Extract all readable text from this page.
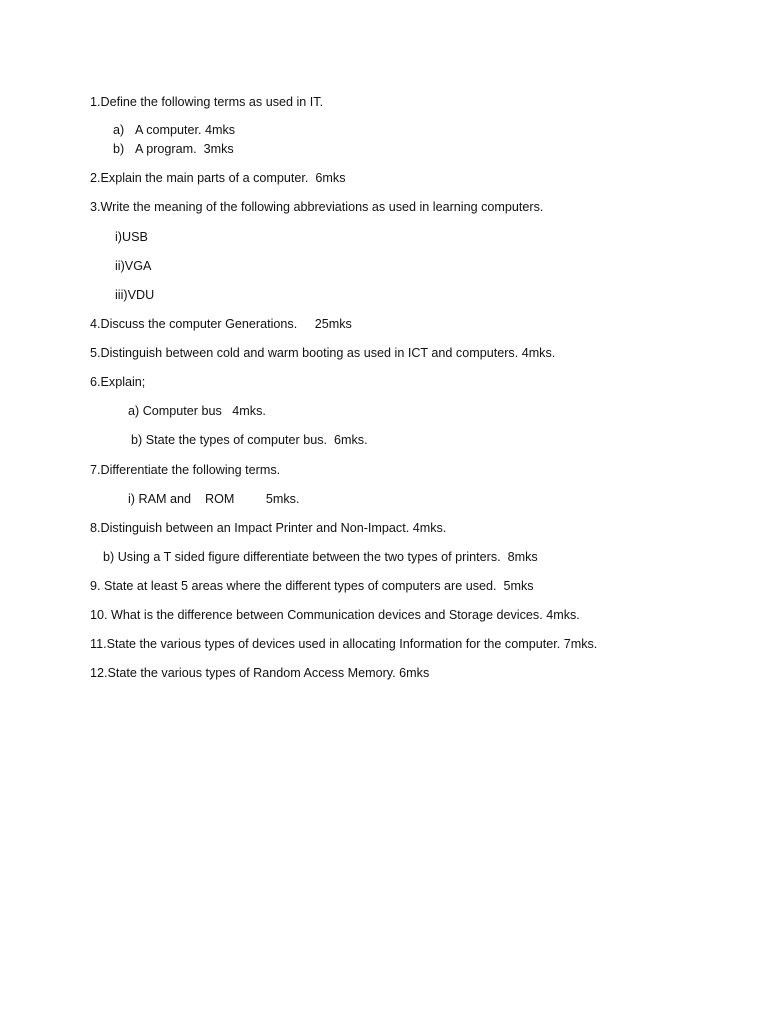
1.Define the following terms as used in IT.
a) A computer. 4mks
b) A program.  3mks
2.Explain the main parts of a computer.  6mks
3.Write the meaning of the following abbreviations as used in learning computers.
i)USB
ii)VGA
iii)VDU
4.Discuss the computer Generations.     25mks
5.Distinguish between cold and warm booting as used in ICT and computers. 4mks.
6.Explain;
a) Computer bus   4mks.
b) State the types of computer bus.  6mks.
7.Differentiate the following terms.
i) RAM and    ROM         5mks.
8.Distinguish between an Impact Printer and Non-Impact. 4mks.
b) Using a T sided figure differentiate between the two types of printers.  8mks
9. State at least 5 areas where the different types of computers are used.  5mks
10. What is the difference between Communication devices and Storage devices. 4mks.
11.State the various types of devices used in allocating Information for the computer. 7mks.
12.State the various types of Random Access Memory. 6mks
